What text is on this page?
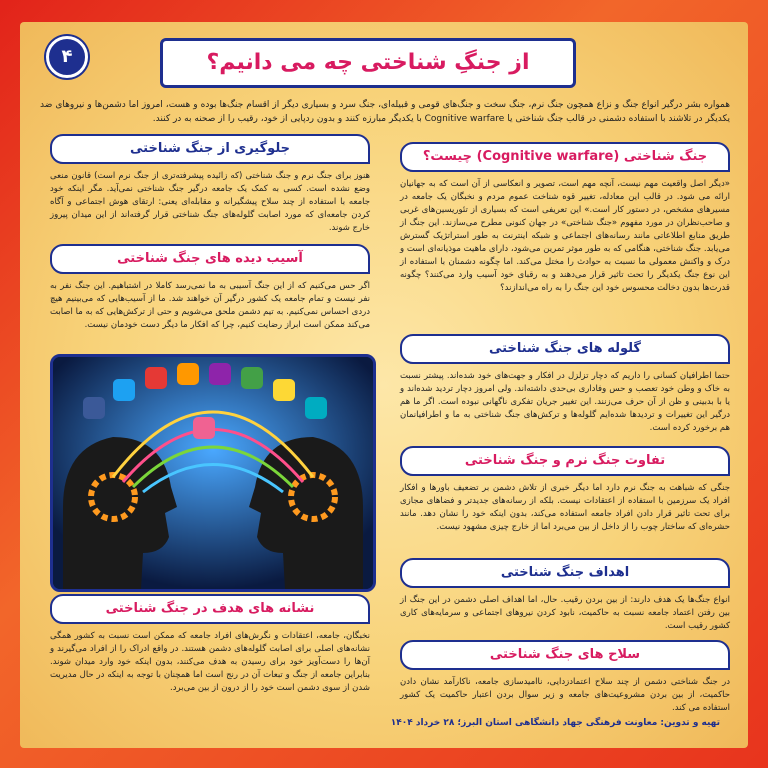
۴	از جنگِ شناختی چه می دانیم؟
همواره بشر درگیر انواع جنگ و نزاع همچون جنگ نرم، جنگ سخت و جنگ‌های قومی و قبیله‌ای، جنگ سرد و بسیاری دیگر از اقسام جنگ‌ها بوده و هست، امروز اما دشمن‌ها و نیروهای ضد یکدیگر در تلاشند با استفاده دشمنی در قالب جنگ شناختی یا Cognitive warfare با یکدیگر مبارزه کنند و بدون ردپایی از خود، رقیب را از صحنه به در کنند.
جنگ شناختی (Cognitive warfare) چیست؟
«دیگر اصل واقعیت مهم نیست، آنچه مهم است، تصویر و انعکاسی از آن است که به جهانیان ارائه می شود. در قالب این معادله، تغییر قوه شناخت عموم مردم و نخبگان یک جامعه در مسیرهای مشخص، در دستور کار است.» این تعریفی است که بسیاری از تئوریسین‌های غربی و صاحب‌نظران در مورد مفهوم «جنگ شناختی» در جهان کنونی مطرح می‌سازند. این جنگ از طریق منابع اطلاعاتی مانند رسانه‌های اجتماعی و شبکه اینترنت به طور استراتژیک گسترش می‌یابد. جنگ شناختی، هنگامی که به طور موثر تمرین می‌شود، دارای ماهیت موذیانه‌ای است و درک و واکنش معمولی ما نسبت به حوادث را مختل می‌کند. اما چگونه دشمنان با استفاده از این نوع جنگ یکدیگر را تحت تاثیر قرار می‌دهند و به رقبای خود آسیب وارد می‌کنند؟ چگونه قدرت‌ها بدون دخالت محسوس خود این جنگ را به راه می‌اندازند؟
گلوله های جنگ شناختی
حتما اطرافیان کسانی را داریم که دچار تزلزل در افکار و جهت‌های خود شده‌اند. پیشتر نسبت به خاک و وطن خود تعصب و حس وفاداری بی‌حدی داشته‌اند. ولی امروز دچار تردید شده‌اند و یا با بدبینی و ظن از آن حرف می‌زنند. این تغییر جریان تفکری ناگهانی نبوده است. اگر ما هم درگیر این تغییرات و تردیدها شده‌ایم گلوله‌ها و ترکش‌های جنگ شناختی به ما و اطرافیانمان هم برخورد کرده است.
تفاوت جنگ نرم و جنگ شناختی
جنگی که شباهت به جنگ نرم دارد اما دیگر خبری از تلاش دشمن بر تضعیف باورها و افکار افراد یک سرزمین با استفاده از اعتقادات نیست. بلکه از رسانه‌های جدیدتر و فضاهای مجازی برای تحت تاثیر قرار دادن افراد جامعه استفاده می‌کند، بدون اینکه خود را نشان دهد. مانند حشره‌ای که ساختار چوب را از داخل از بین می‌برد اما از خارج چیزی مشهود نیست.
اهداف جنگ شناختی
انواع جنگ‌ها یک هدف دارند: از بین بردن رقیب. حال، اما اهداف اصلی دشمن در این جنگ از بین رفتن اعتماد جامعه نسبت به حاکمیت، نابود کردن نیروهای اجتماعی و سرمایه‌های کاری کشور رقیب است.
سلاح های جنگ شناختی
در جنگ شناختی دشمن از چند سلاح اعتمادزدایی، ناامیدسازی جامعه، ناکارآمد نشان دادن حاکمیت، از بین بردن مشروعیت‌های جامعه و زیر سوال بردن اعتبار حاکمیت یک کشور استفاده می کند.
جلوگیری از جنگ شناختی
هنوز برای جنگ نرم و جنگ شناختی (که زائیده پیشرفته‌تری از جنگ نرم است) قانون منعی وضع نشده است. کسی به کمک یک جامعه درگیر جنگ شناختی نمی‌آید. مگر اینکه خود جامعه با استفاده از چند سلاح پیشگیرانه و مقابله‌ای یعنی: ارتقای هوش اجتماعی و آگاه کردن جامعه‌ای که مورد اصابت گلوله‌های جنگ شناختی قرار گرفته‌اند از این میدان پیروز خارج شوند.
آسیب دیده های جنگ شناختی
اگر حس می‌کنیم که از این جنگ آسیبی به ما نمی‌رسد کاملا در اشتباهیم. این جنگ نفر به نفر نیست و تمام جامعه یک کشور درگیر آن خواهند شد. ما از آسیب‌هایی که می‌بینیم هیچ دردی احساس نمی‌کنیم. به تیم دشمن ملحق می‌شویم و حتی از ترکش‌هایی که به ما اصابت می‌کند ممکن است ابراز رضایت کنیم، چرا که افکار ما دیگر دست خودمان نیست.
نشانه های هدف در جنگ شناختی
نخبگان، جامعه، اعتقادات و نگرش‌های افراد جامعه که ممکن است نسبت به کشور همگی نشانه‌های اصلی برای اصابت گلوله‌های دشمن هستند. در واقع ادراک را از افراد می‌گیرند و آن‌ها را دست‌آویز خود برای رسیدن به هدف می‌کنند، بدون اینکه خود وارد میدان شوند. بنابراین جامعه از جنگ و تبعات آن در رنج است اما همچنان با توجه به اینکه در حال مدیریت شدن از سوی دشمن است خود را از درون از بین می‌برد.
تهیه و تدوین: معاونت فرهنگی جهاد دانشگاهی استان البرز؛ ۲۸ خرداد ۱۴۰۴
